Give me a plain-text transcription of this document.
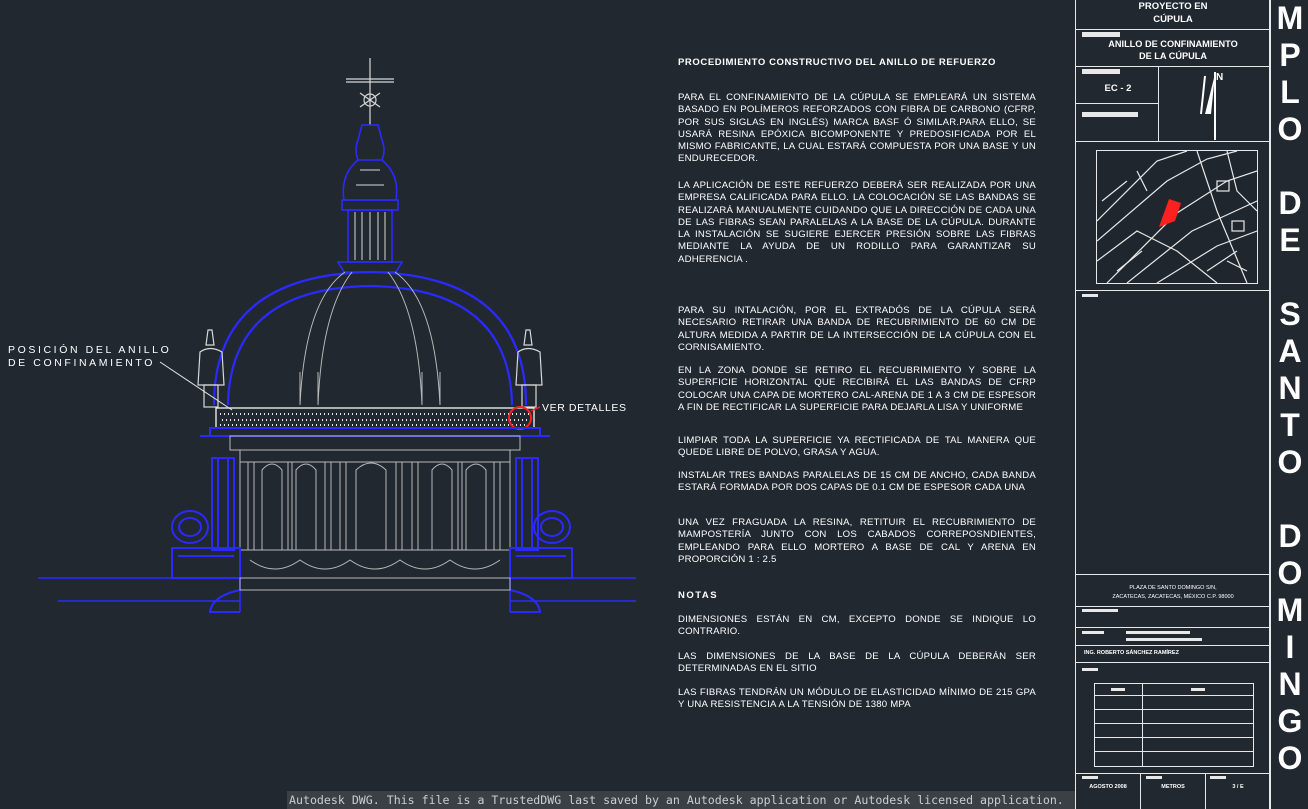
POSICIÓN DEL ANILLO
DE CONFINAMIENTO
VER DETALLES
PROCEDIMIENTO CONSTRUCTIVO DEL ANILLO DE REFUERZO
PARA EL CONFINAMIENTO DE LA CÚPULA SE EMPLEARÁ UN SISTEMA BASADO EN POLÍMEROS REFORZADOS CON FIBRA DE CARBONO (CFRP, POR SUS SIGLAS EN INGLÉS) MARCA BASF Ó SIMILAR.PARA ELLO, SE USARÁ RESINA EPÓXICA BICOMPONENTE Y PREDOSIFICADA POR EL MISMO FABRICANTE, LA CUAL ESTARÁ COMPUESTA POR UNA BASE Y UN ENDURECEDOR.
LA APLICACIÓN DE ESTE REFUERZO DEBERÁ SER REALIZADA POR UNA EMPRESA CALIFICADA PARA ELLO. LA COLOCACIÓN SE LAS BANDAS SE REALIZARÁ MANUALMENTE CUIDANDO QUE LA DIRECCIÓN DE CADA UNA DE LAS FIBRAS SEAN PARALELAS A LA BASE DE LA CÚPULA. DURANTE LA INSTALACIÓN SE SUGIERE EJERCER PRESIÓN SOBRE LAS FIBRAS MEDIANTE LA AYUDA DE UN RODILLO PARA GARANTIZAR SU ADHERENCIA .
PARA SU INTALACIÓN, POR EL EXTRADÓS DE LA CÚPULA SERÁ NECESARIO RETIRAR UNA BANDA DE RECUBRIMIENTO DE 60 CM DE ALTURA MEDIDA A PARTIR DE LA INTERSECCIÓN DE LA CÚPULA CON EL CORNISAMIENTO.
EN LA ZONA DONDE SE RETIRO EL RECUBRIMIENTO Y SOBRE LA SUPERFICIE HORIZONTAL QUE RECIBIRÁ EL LAS BANDAS DE CFRP COLOCAR UNA CAPA DE MORTERO CAL-ARENA DE 1 A 3 CM DE ESPESOR A FIN DE RECTIFICAR LA SUPERFICIE PARA DEJARLA LISA Y UNIFORME
LIMPIAR TODA LA SUPERFICIE YA RECTIFICADA DE TAL MANERA QUE QUEDE LIBRE DE POLVO, GRASA Y AGUA.
INSTALAR TRES BANDAS PARALELAS DE 15 CM DE ANCHO, CADA BANDA ESTARÁ FORMADA POR DOS CAPAS DE 0.1 CM DE ESPESOR CADA UNA
UNA VEZ FRAGUADA LA RESINA, RETITUIR EL RECUBRIMIENTO DE MAMPOSTERÍA JUNTO CON LOS CABADOS CORREPOSNDIENTES, EMPLEANDO PARA ELLO MORTERO A BASE DE CAL Y ARENA EN PROPORCIÓN 1 : 2.5
NOTAS
DIMENSIONES ESTÁN EN CM, EXCEPTO DONDE SE INDIQUE LO CONTRARIO.
LAS DIMENSIONES DE LA BASE DE LA CÚPULA DEBERÁN SER DETERMINADAS EN EL SITIO
LAS FIBRAS TENDRÁN UN MÓDULO DE ELASTICIDAD MÍNIMO DE 215 GPA Y UNA RESISTENCIA A LA TENSIÓN DE 1380 MPA
PROYECTO EN
CÚPULA
ANILLO DE CONFINAMIENTO
DE LA CÚPULA
EC - 2
N
PLAZA DE SANTO DOMINGO S/N,
ZACATECAS, ZACATECAS, MÉXICO C.P. 98000
ING. ROBERTO SÁNCHEZ RAMÍREZ
AGOSTO 2008	METROS	3 / E
M
P
L
O
D
E
S
A
N
T
O
D
O
M
I
N
G
O
Autodesk DWG. This file is a TrustedDWG last saved by an Autodesk application or Autodesk licensed application.
